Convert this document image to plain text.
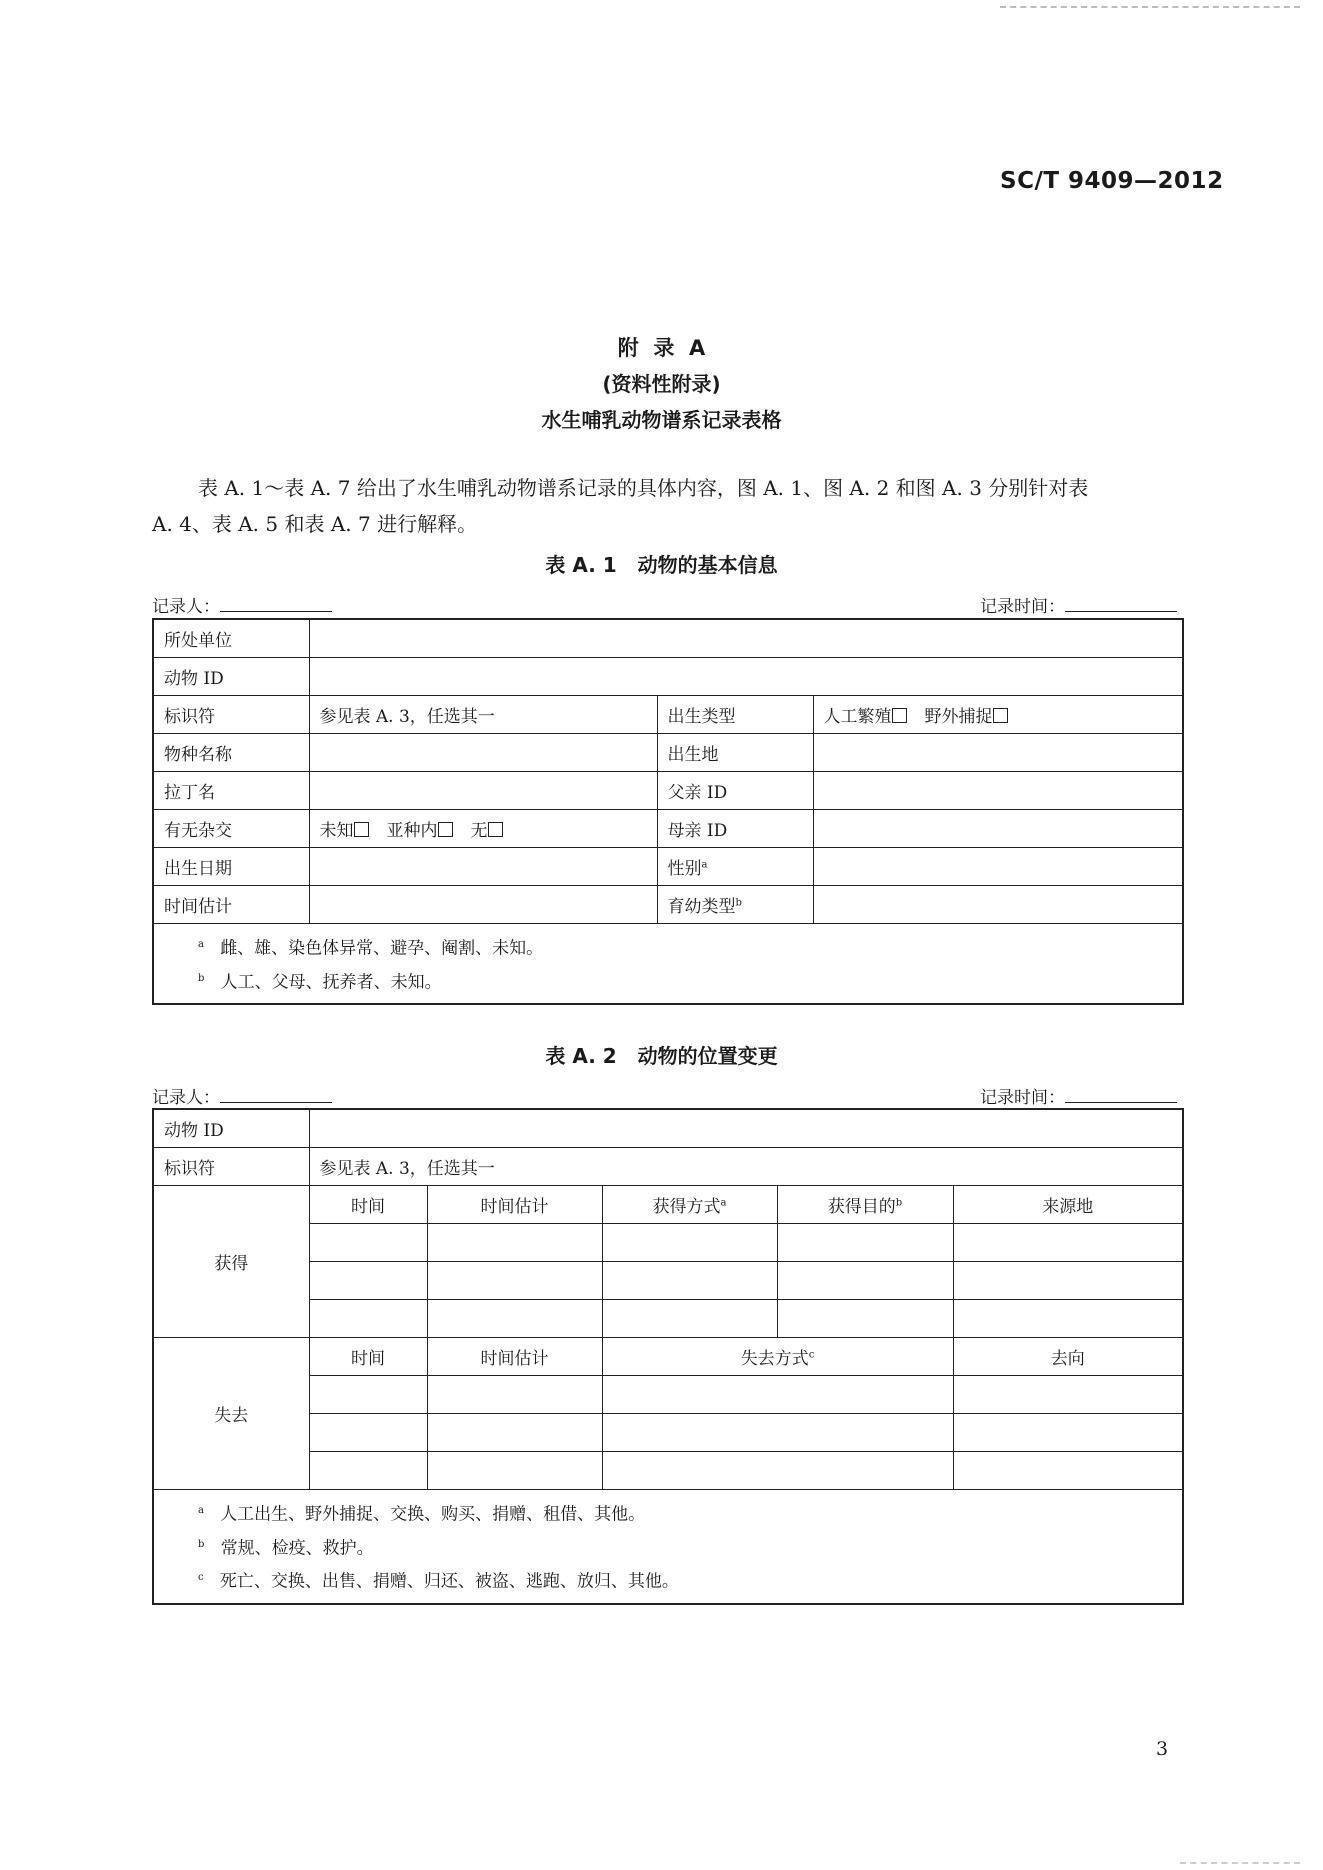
SC/T 9409—2012
附  录  A
(资料性附录)
水生哺乳动物谱系记录表格

表 A. 1～表 A. 7 给出了水生哺乳动物谱系记录的具体内容，图 A. 1、图 A. 2 和图 A. 3 分别针对表

A. 4、表 A. 5 和表 A. 7 进行解释。

表 A. 1   动物的基本信息
记录人：	记录时间：
所处单位			
动物 ID			
标识符	参见表 A. 3，任选其一	出生类型	人工繁殖 野外捕捉
物种名称		出生地	
拉丁名		父亲 ID	
有无杂交	未知 亚种内 无	母亲 ID	
出生日期		性别$^a$	
时间估计		育幼类型$^b$	

$^a$ 雌、雄、染色体异常、避孕、阉割、未知。
$^b$ 人工、父母、抚养者、未知。			
表 A. 2   动物的位置变更
记录人：	记录时间：
动物 ID					
标识符	参见表 A. 3，任选其一				
获得	时间	时间估计	获得方式$^a$	获得目的$^b$	来源地

失去	时间	时间估计	失去方式$^c$		去向

$^a$ 人工出生、野外捕捉、交换、购买、捐赠、租借、其他。
$^b$ 常规、检疫、救护。
$^c$ 死亡、交换、出售、捐赠、归还、被盗、逃跑、放归、其他。					
3
